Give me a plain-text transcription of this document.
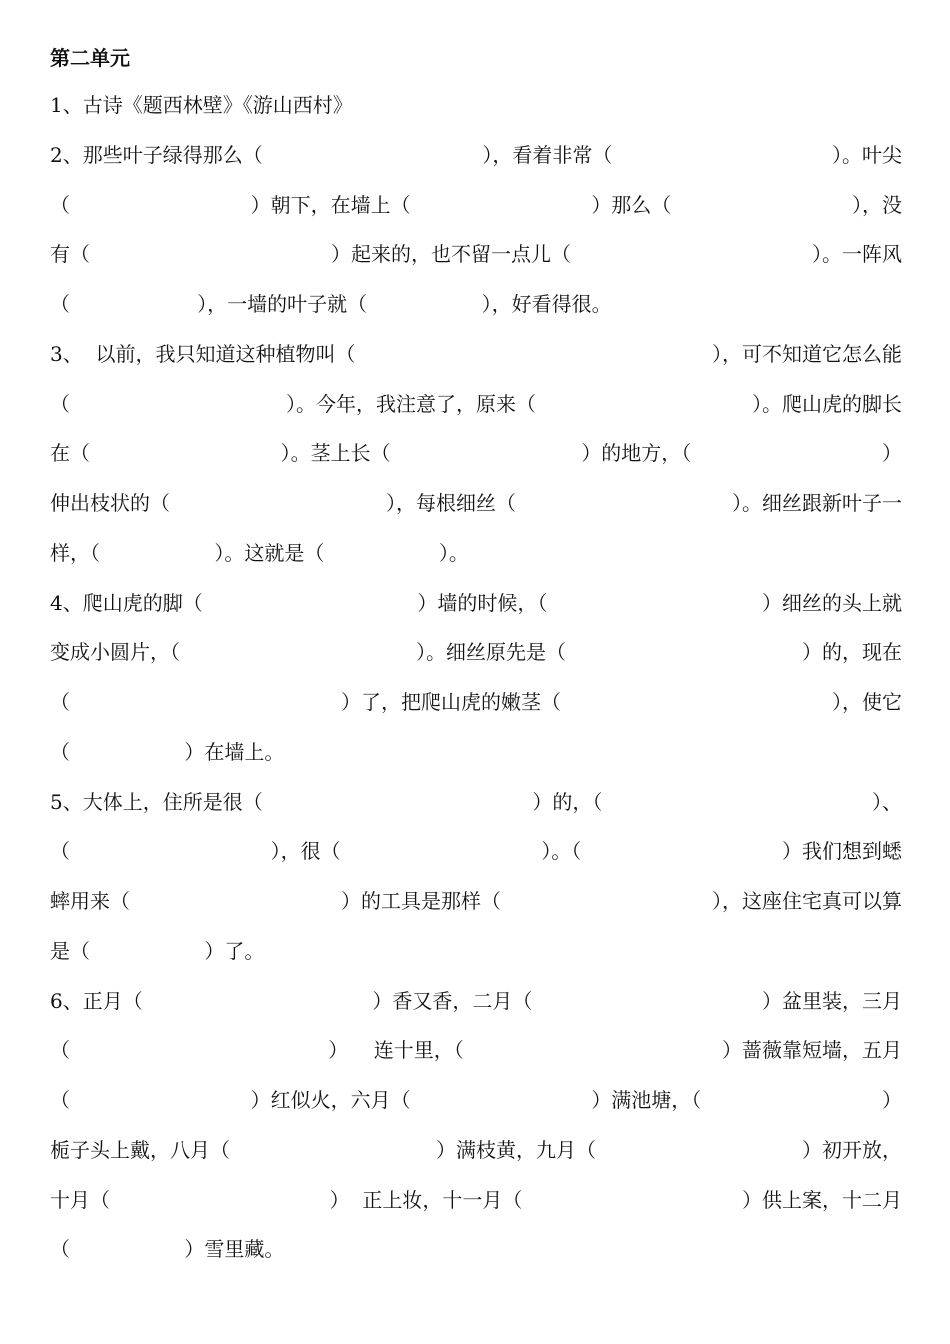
第二单元
1、古诗《题西林壁》《游山西村》
2、那些叶子绿得那么（	），看着非常（	）。叶尖
（	）朝下，在墙上（	）那么（	），没
有（	）起来的，也不留一点儿（	）。一阵风
（                    ），一墙的叶子就（                  ），好看得很。
3、  以前，我只知道这种植物叫（	），可不知道它怎么能
（	）。今年，我注意了，原来（	）。爬山虎的脚长
在（	）。茎上长（	）的地方，（	）
伸出枝状的（	），每根细丝（	）。细丝跟新叶子一
样，（                  ）。这就是（                  ）。
4、爬山虎的脚（	）墙的时候，（	）细丝的头上就
变成小圆片，（	）。细丝原先是（	）的，现在
（	）了，把爬山虎的嫩茎（	），使它
（                  ）在墙上。
5、大体上，住所是很（	）的，（	）、
（	），很（	）。（	）我们想到蟋
蟀用来（	）的工具是那样（	），这座住宅真可以算
是（                  ）了。
6、正月（	）香又香，二月（	）盆里装，三月
（	）    连十里，（	）蔷薇靠短墙，五月
（	）红似火，六月（	）满池塘，（	）
栀子头上戴，八月（	）满枝黄，九月（	）初开放，
十月（	）  正上妆，十一月（	）供上案，十二月
（                  ）雪里藏。
